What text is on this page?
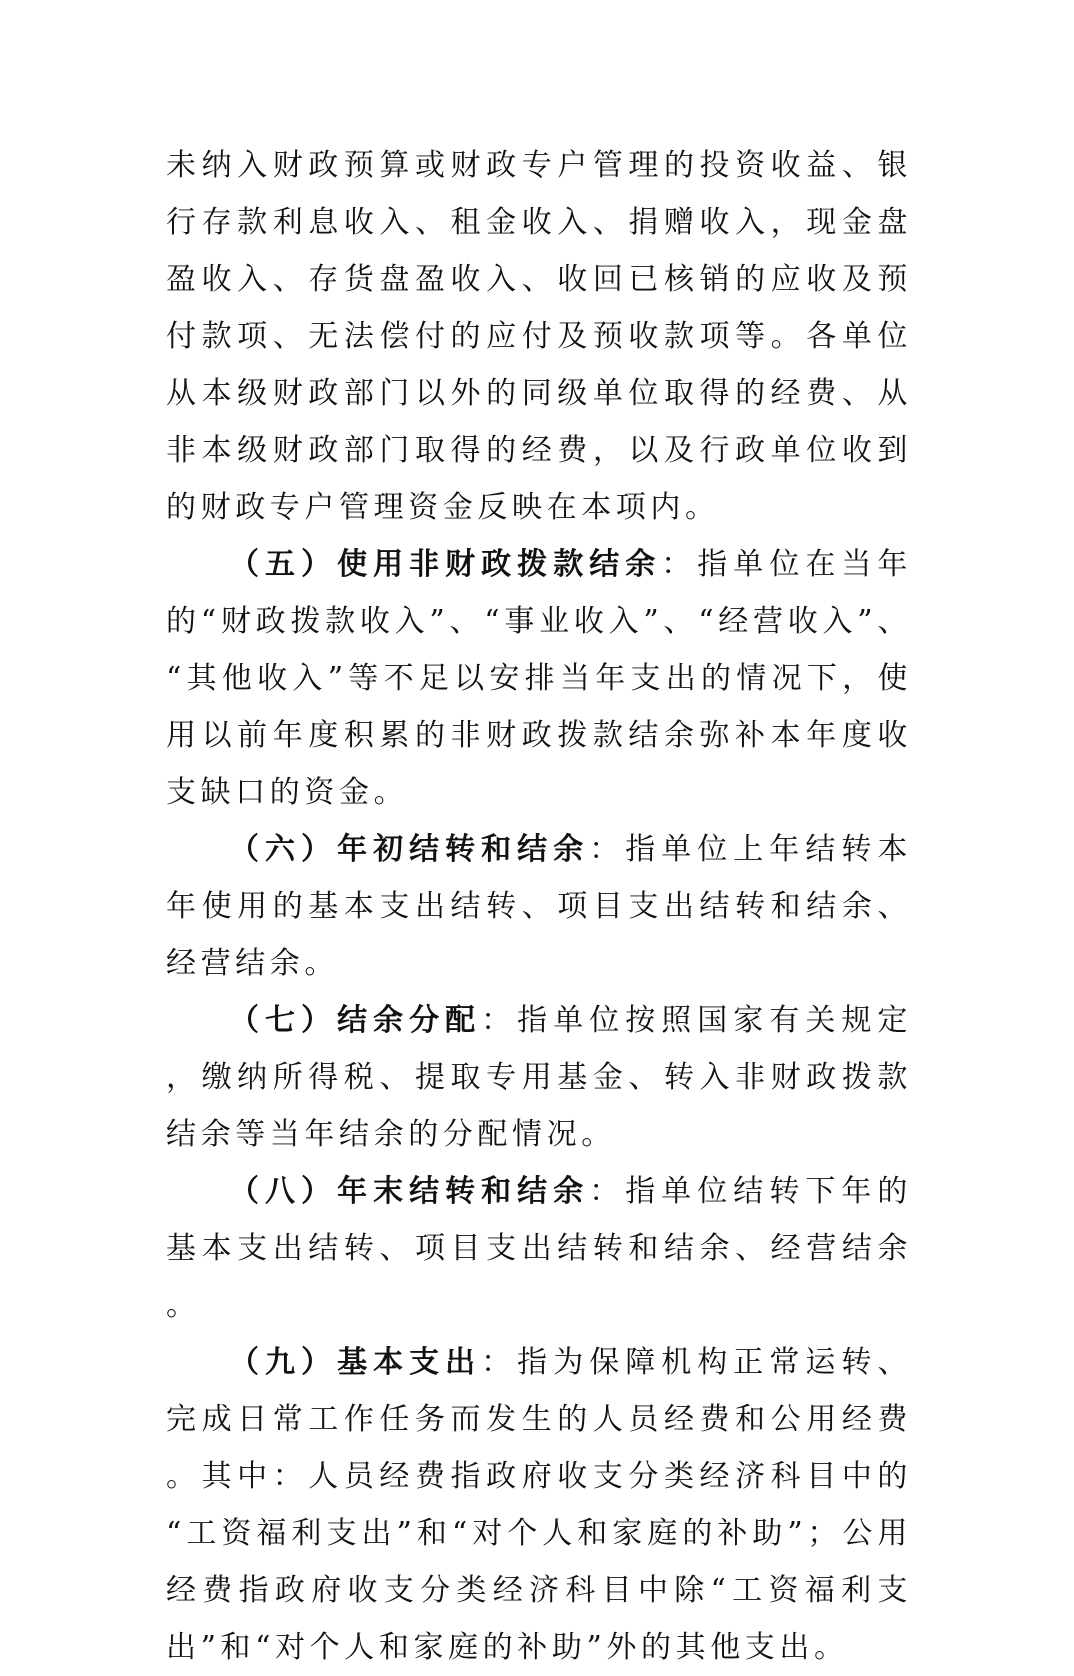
未纳入财政预算或财政专户管理的投资收益、银行存款利息收入、租金收入、捐赠收入，现金盘盈收入、存货盘盈收入、收回已核销的应收及预付款项、无法偿付的应付及预收款项等。各单位从本级财政部门以外的同级单位取得的经费、从非本级财政部门取得的经费，以及行政单位收到的财政专户管理资金反映在本项内。

（五）使用非财政拨款结余：指单位在当年的“财政拨款收入”、“事业收入”、“经营收入”、“其他收入”等不足以安排当年支出的情况下，使用以前年度积累的非财政拨款结余弥补本年度收支缺口的资金。

（六）年初结转和结余：指单位上年结转本年使用的基本支出结转、项目支出结转和结余、经营结余。

（七）结余分配：指单位按照国家有关规定，缴纳所得税、提取专用基金、转入非财政拨款结余等当年结余的分配情况。

（八）年末结转和结余：指单位结转下年的基本支出结转、项目支出结转和结余、经营结余。

（九）基本支出：指为保障机构正常运转、完成日常工作任务而发生的人员经费和公用经费。其中：人员经费指政府收支分类经济科目中的“工资福利支出”和“对个人和家庭的补助”；公用经费指政府收支分类经济科目中除“工资福利支出”和“对个人和家庭的补助”外的其他支出。
